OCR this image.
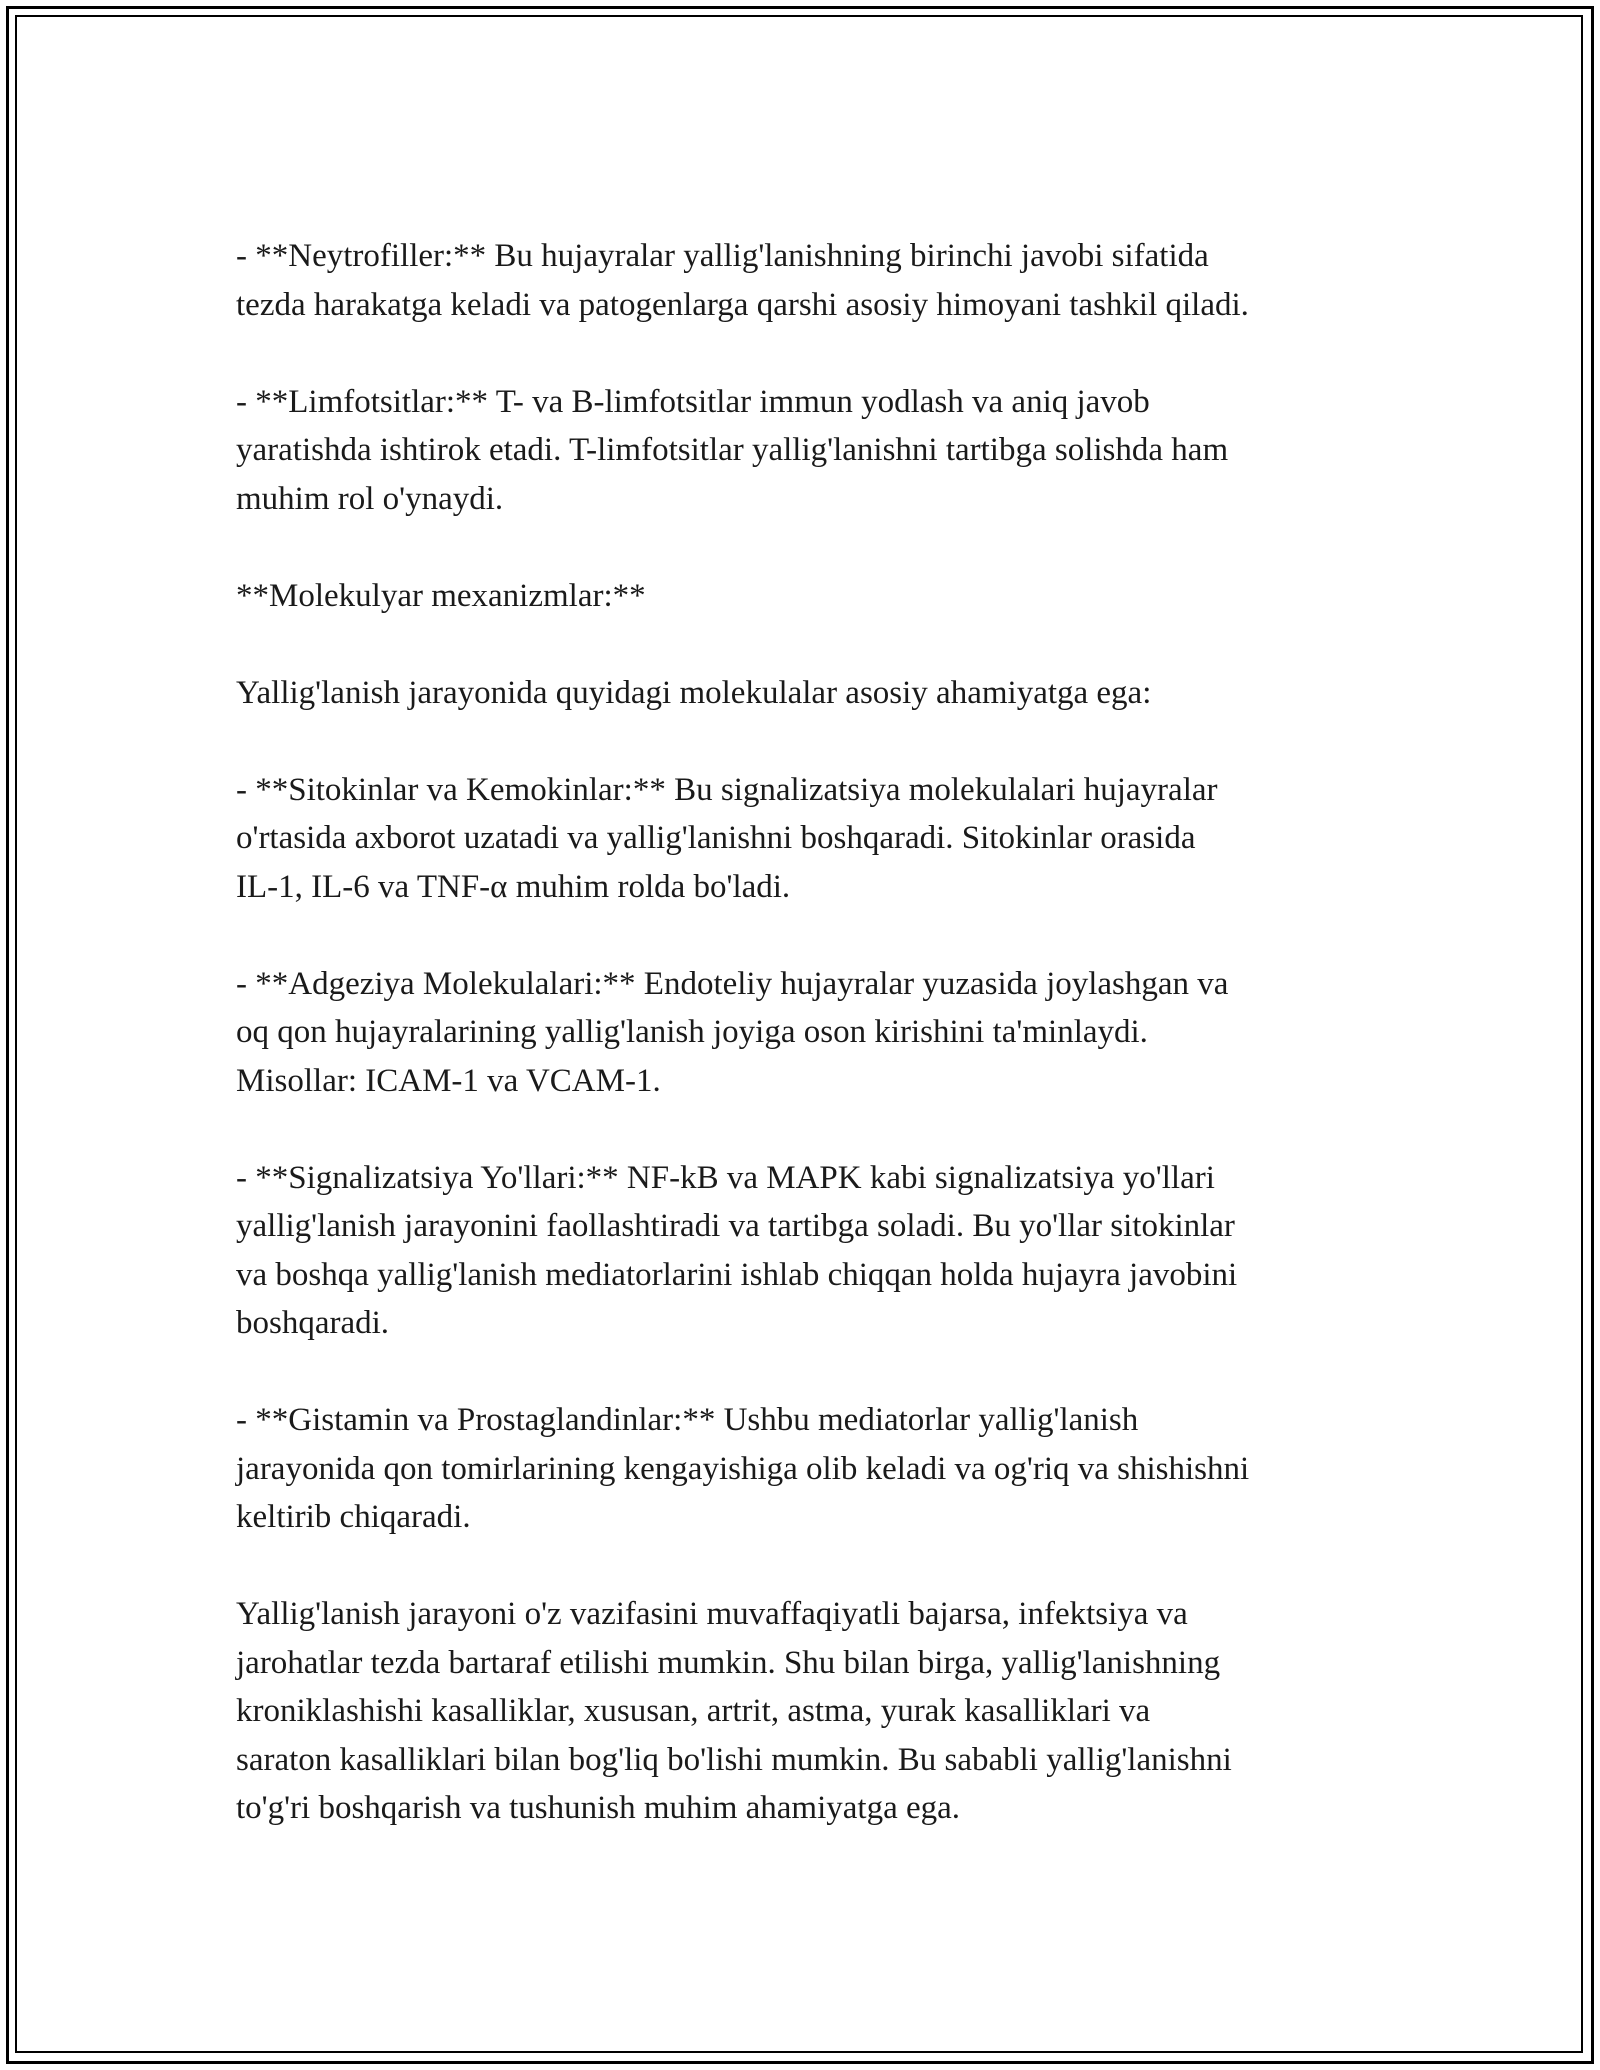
- **Neytrofiller:** Bu hujayralar yallig'lanishning birinchi javobi sifatida
tezda harakatga keladi va patogenlarga qarshi asosiy himoyani tashkil qiladi.

- **Limfotsitlar:** T- va B-limfotsitlar immun yodlash va aniq javob
yaratishda ishtirok etadi. T-limfotsitlar yallig'lanishni tartibga solishda ham
muhim rol o'ynaydi.

**Molekulyar mexanizmlar:**

Yallig'lanish jarayonida quyidagi molekulalar asosiy ahamiyatga ega:

- **Sitokinlar va Kemokinlar:** Bu signalizatsiya molekulalari hujayralar
o'rtasida axborot uzatadi va yallig'lanishni boshqaradi. Sitokinlar orasida
IL-1, IL-6 va TNF-α muhim rolda bo'ladi.

- **Adgeziya Molekulalari:** Endoteliy hujayralar yuzasida joylashgan va
oq qon hujayralarining yallig'lanish joyiga oson kirishini ta'minlaydi.
Misollar: ICAM-1 va VCAM-1.

- **Signalizatsiya Yo'llari:** NF-kB va MAPK kabi signalizatsiya yo'llari
yallig'lanish jarayonini faollashtiradi va tartibga soladi. Bu yo'llar sitokinlar
va boshqa yallig'lanish mediatorlarini ishlab chiqqan holda hujayra javobini
boshqaradi.

- **Gistamin va Prostaglandinlar:** Ushbu mediatorlar yallig'lanish
jarayonida qon tomirlarining kengayishiga olib keladi va og'riq va shishishni
keltirib chiqaradi.

Yallig'lanish jarayoni o'z vazifasini muvaffaqiyatli bajarsa, infektsiya va
jarohatlar tezda bartaraf etilishi mumkin. Shu bilan birga, yallig'lanishning
kroniklashishi kasalliklar, xususan, artrit, astma, yurak kasalliklari va
saraton kasalliklari bilan bog'liq bo'lishi mumkin. Bu sababli yallig'lanishni
to'g'ri boshqarish va tushunish muhim ahamiyatga ega.
